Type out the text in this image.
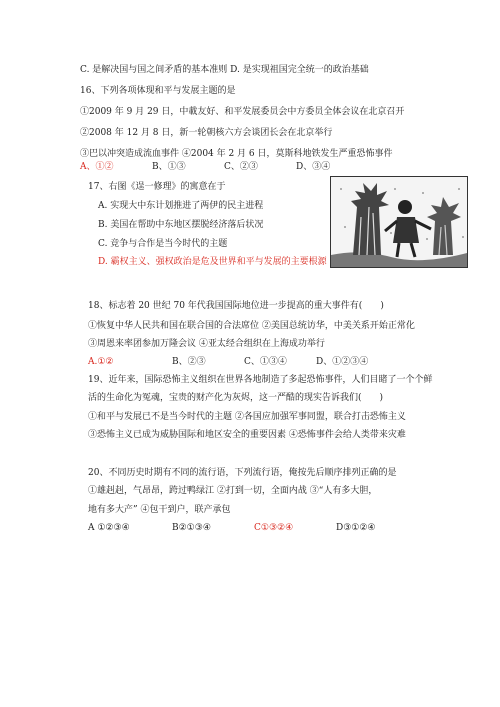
C. 是解决国与国之间矛盾的基本准则 D. 是实现祖国完全统一的政治基础
16、下列各项体现和平与发展主题的是
①2009 年 9 月 29 日，中載友好、和平发展委员会中方委员全体会议在北京召开
②2008 年 12 月 8 日，新一轮朝核六方会谈团长会在北京举行
③巴以冲突造成流血事件 ④2004 年 2 月 6 日，莫斯科地铁发生严重恐怖事件
A、①②	B、①③	C、②③	D、③④
17、右图《逞一修理》的寓意在于
A. 实现大中东计划推进了两伊的民主进程
B. 美国在帮助中东地区摆脱经济落后状况
C. 竞争与合作是当今时代的主题
D. 霸权主义、强权政治是危及世界和平与发展的主要根源
18、标志着 20 世纪 70 年代我国国际地位进一步提高的重大事件有(　　)
①恢复中华人民共和国在联合国的合法席位 ②美国总统访华，中美关系开始正常化
③周恩来率团参加万隆会议 ④亚太经合组织在上海成功举行
A.①②	B、②③	C、①③④	D、①②③④
19、近年来，国际恐怖主义组织在世界各地制造了多起恐怖事件，人们目睹了一个个鲜
活的生命化为冤魂，宝贵的财产化为灰烬，这一严酷的现实告诉我们(　　)
①和平与发展已不是当今时代的主题 ②各国应加强军事同盟，联合打击恐怖主义
③恐怖主义已成为威胁国际和地区安全的重要因素 ④恐怖事件会给人类带来灾难
20、不同历史时期有不同的流行语，下列流行语，俺按先后顺序排列正确的是
①雄赳赳，气昂昂，跨过鸭绿江 ②打到一切，全面内战 ③“人有多大胆，
地有多大产” ④包干到户，联产承包
A ①②③④	B②①③④	C①③②④	D③①②④
